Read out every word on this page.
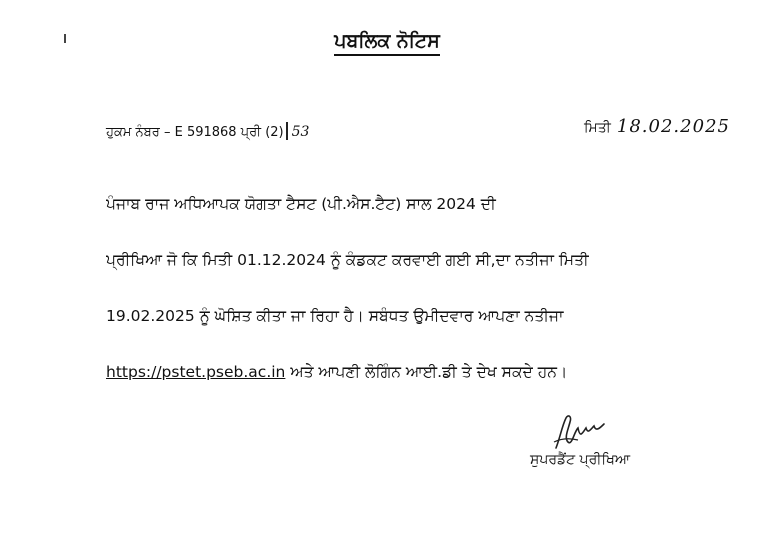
ਪਬਲਿਕ ਨੋਟਿਸ
ਹੁਕਮ ਨੰਬਰ – E 591868 ਪ੍ਰੀ (2) 53	ਮਿਤੀ 18.02.2025
ਪੰਜਾਬ ਰਾਜ ਅਧਿਆਪਕ ਯੋਗਤਾ ਟੈਸਟ (ਪੀ.ਐਸ.ਟੈਟ) ਸਾਲ 2024 ਦੀ
ਪ੍ਰੀਖਿਆ ਜੋ ਕਿ ਮਿਤੀ 01.12.2024 ਨੂੰ ਕੰਡਕਟ ਕਰਵਾਈ ਗਈ ਸੀ,ਦਾ ਨਤੀਜਾ ਮਿਤੀ
19.02.2025 ਨੂੰ ਘੋਸ਼ਿਤ ਕੀਤਾ ਜਾ ਰਿਹਾ ਹੈ। ਸਬੰਧਤ ਉਮੀਦਵਾਰ ਆਪਣਾ ਨਤੀਜਾ
https://pstet.pseb.ac.in ਅਤੇ ਆਪਣੀ ਲੋਗਿੰਨ ਆਈ.ਡੀ ਤੇ ਦੇਖ ਸਕਦੇ ਹਨ।
ਸੁਪਰਡੈਂਟ ਪ੍ਰੀਖਿਆ
